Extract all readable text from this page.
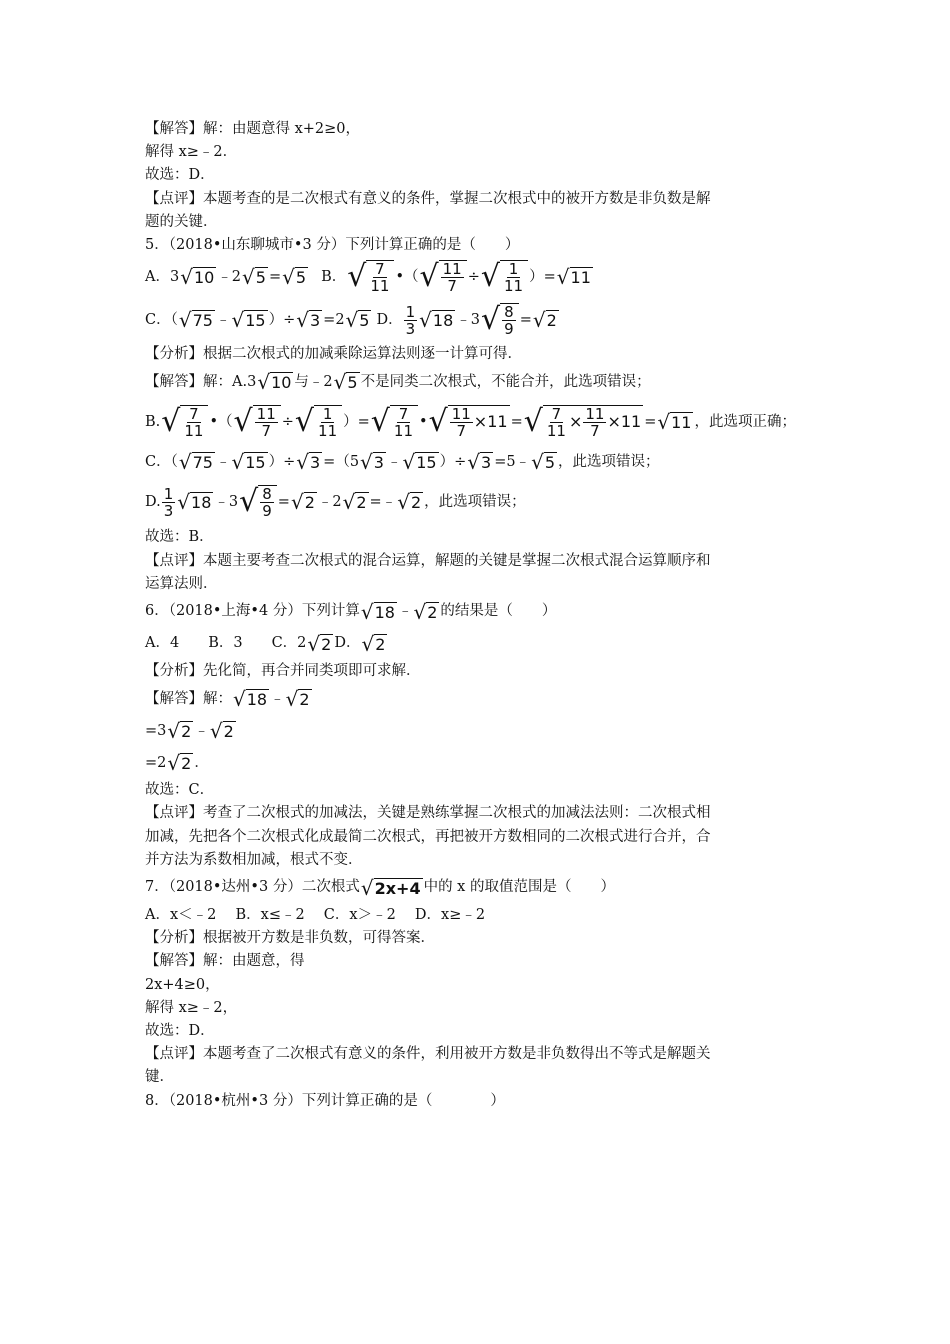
【解答】解：由题意得 x+2≥0，
解得 x≥﹣2．
故选：D．
【点评】本题考查的是二次根式有意义的条件，掌握二次根式中的被开方数是非负数是解
题的关键．
5．（2018•山东聊城市•3 分）下列计算正确的是（　　）
A．3 √ 10 ﹣2 √ 5 = √ 5 B． √ $\frac{7}{11}$ • （ √ $\frac{11}{7}$ ÷ √ $\frac{1}{11}$ ）= √ 11
C．（ √ 75 ﹣ √ 15 ）÷ √ 3 =2 √ 5 D． $\frac{1}{3}$ √ 18 ﹣3 √ $\frac{8}{9}$ = √ 2
【分析】根据二次根式的加减乘除运算法则逐一计算可得．
【解答】解：A.3 √ 10 与﹣2 √ 5 不是同类二次根式，不能合并，此选项错误；
B. √ $\frac{7}{11}$ • （ √ $\frac{11}{7}$ ÷ √ $\frac{1}{11}$ ）= √ $\frac{7}{11}$ • √ $\frac{11}{7} \times 11$ = √ $\frac{7}{11} \times \frac{11}{7} \times 11$ = √ 11 ，此选项正确；
C．（ √ 75 ﹣ √ 15 ）÷ √ 3 =（5 √ 3 ﹣ √ 15 ）÷ √ 3 =5﹣ √ 5 ，此选项错误；
D. $\frac{1}{3}$ √ 18 ﹣3 √ $\frac{8}{9}$ = √ 2 ﹣2 √ 2 =﹣ √ 2 ，此选项错误；
故选：B．
【点评】本题主要考查二次根式的混合运算，解题的关键是掌握二次根式混合运算顺序和
运算法则．
6．（2018•上海•4 分）下列计算 √ 18 ﹣ √ 2 的结果是（　　）
A．4　　B．3　　C．2 √ 2 D． √ 2
【分析】先化简，再合并同类项即可求解．
【解答】解： √ 18 ﹣ √ 2
=3 √ 2 ﹣ √ 2
=2 √ 2 ．
故选：C．
【点评】考查了二次根式的加减法，关键是熟练掌握二次根式的加减法法则：二次根式相
加减，先把各个二次根式化成最简二次根式，再把被开方数相同的二次根式进行合并，合
并方法为系数相加减，根式不变．
7．（2018•达州•3 分）二次根式 √ 2x+4 中的 x 的取值范围是（　　）
A．x＜﹣2　 B．x≤﹣2　 C．x＞﹣2　 D．x≥﹣2
【分析】根据被开方数是非负数，可得答案．
【解答】解：由题意，得
2x+4≥0，
解得 x≥﹣2，
故选：D．
【点评】本题考查了二次根式有意义的条件，利用被开方数是非负数得出不等式是解题关
键．
8．（2018•杭州•3 分）下列计算正确的是（　　　　）
